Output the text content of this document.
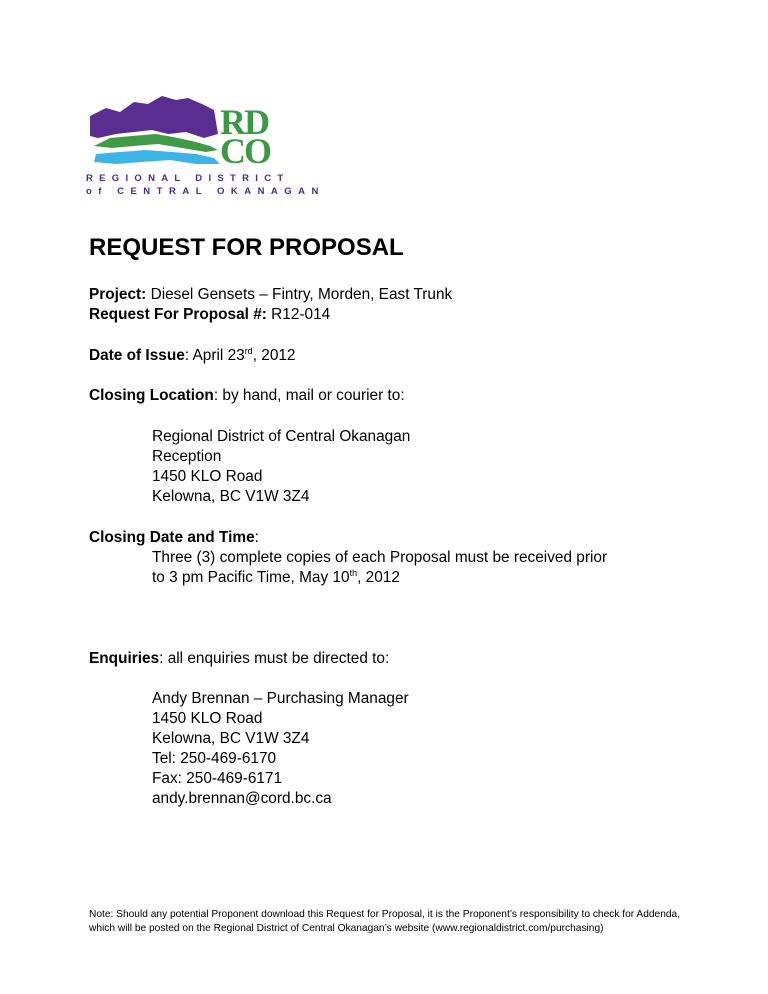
RD
CO
REGIONAL DISTRICT
of CENTRAL OKANAGAN
REQUEST FOR PROPOSAL
Project: Diesel Gensets – Fintry, Morden, East Trunk
Request For Proposal #: R12-014
Date of Issue: April 23rd, 2012
Closing Location: by hand, mail or courier to:
Regional District of Central Okanagan
Reception
1450 KLO Road
Kelowna, BC V1W 3Z4
Closing Date and Time:
Three (3) complete copies of each Proposal must be received prior
to 3 pm Pacific Time, May 10th, 2012
Enquiries: all enquiries must be directed to:
Andy Brennan – Purchasing Manager
1450 KLO Road
Kelowna, BC V1W 3Z4
Tel: 250-469-6170
Fax: 250-469-6171
andy.brennan@cord.bc.ca
Note: Should any potential Proponent download this Request for Proposal, it is the Proponent’s responsibility to check for Addenda, which will be posted on the Regional District of Central Okanagan’s website (www.regionaldistrict.com/purchasing)
